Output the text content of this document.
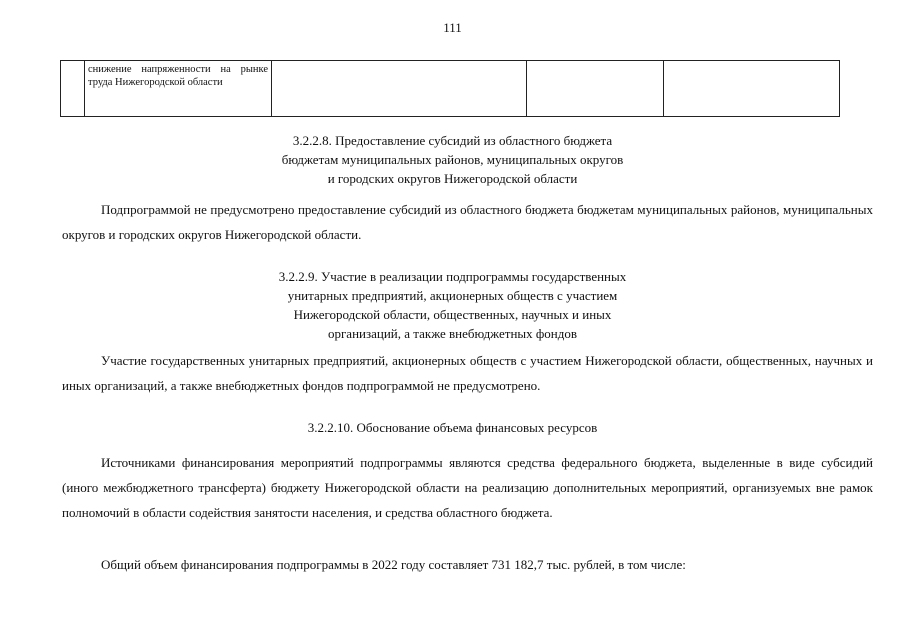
111

снижение напряженности на рынке труда Нижегородской области

3.2.2.8. Предоставление субсидий из областного бюджета
бюджетам муниципальных районов, муниципальных округов
и городских округов Нижегородской области
Подпрограммой не предусмотрено предоставление субсидий из областного бюджета бюджетам муниципальных районов, муниципальных округов и городских округов Нижегородской области.
3.2.2.9. Участие в реализации подпрограммы государственных
унитарных предприятий, акционерных обществ с участием
Нижегородской области, общественных, научных и иных
организаций, а также внебюджетных фондов
Участие государственных унитарных предприятий, акционерных обществ с участием Нижегородской области, общественных, научных и иных организаций, а также внебюджетных фондов подпрограммой не предусмотрено.
3.2.2.10. Обоснование объема финансовых ресурсов
Источниками финансирования мероприятий подпрограммы являются средства федерального бюджета, выделенные в виде субсидий (иного межбюджетного трансферта) бюджету Нижегородской области на реализацию дополнительных мероприятий, организуемых вне рамок полномочий в области содействия занятости населения, и средства областного бюджета.
Общий объем финансирования подпрограммы в 2022 году составляет 731 182,7 тыс. рублей, в том числе:
